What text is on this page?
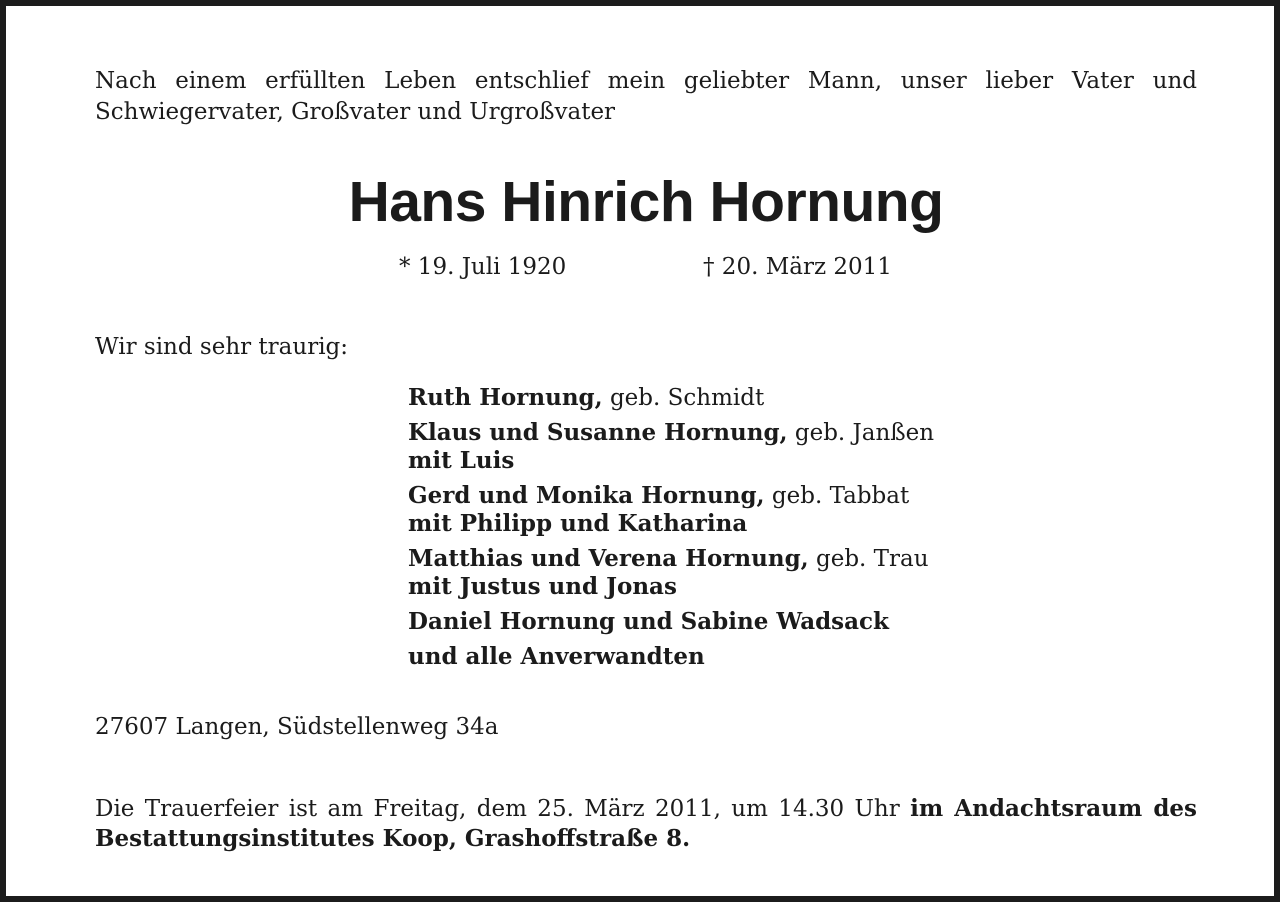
Nach einem erfüllten Leben entschlief mein geliebter Mann, unser lieber Vater und
Schwiegervater, Großvater und Urgroßvater
Hans Hinrich Hornung
* 19. Juli 1920	† 20. März 2011
Wir sind sehr traurig:
Ruth Hornung, geb. Schmidt
Klaus und Susanne Hornung, geb. Janßen
mit Luis
Gerd und Monika Hornung, geb. Tabbat
mit Philipp und Katharina
Matthias und Verena Hornung, geb. Trau
mit Justus und Jonas
Daniel Hornung und Sabine Wadsack
und alle Anverwandten
27607 Langen, Südstellenweg 34a
Die Trauerfeier ist am Freitag, dem 25. März 2011, um 14.30 Uhr im Andachtsraum des
Bestattungsinstitutes Koop, Grashoffstraße 8.
